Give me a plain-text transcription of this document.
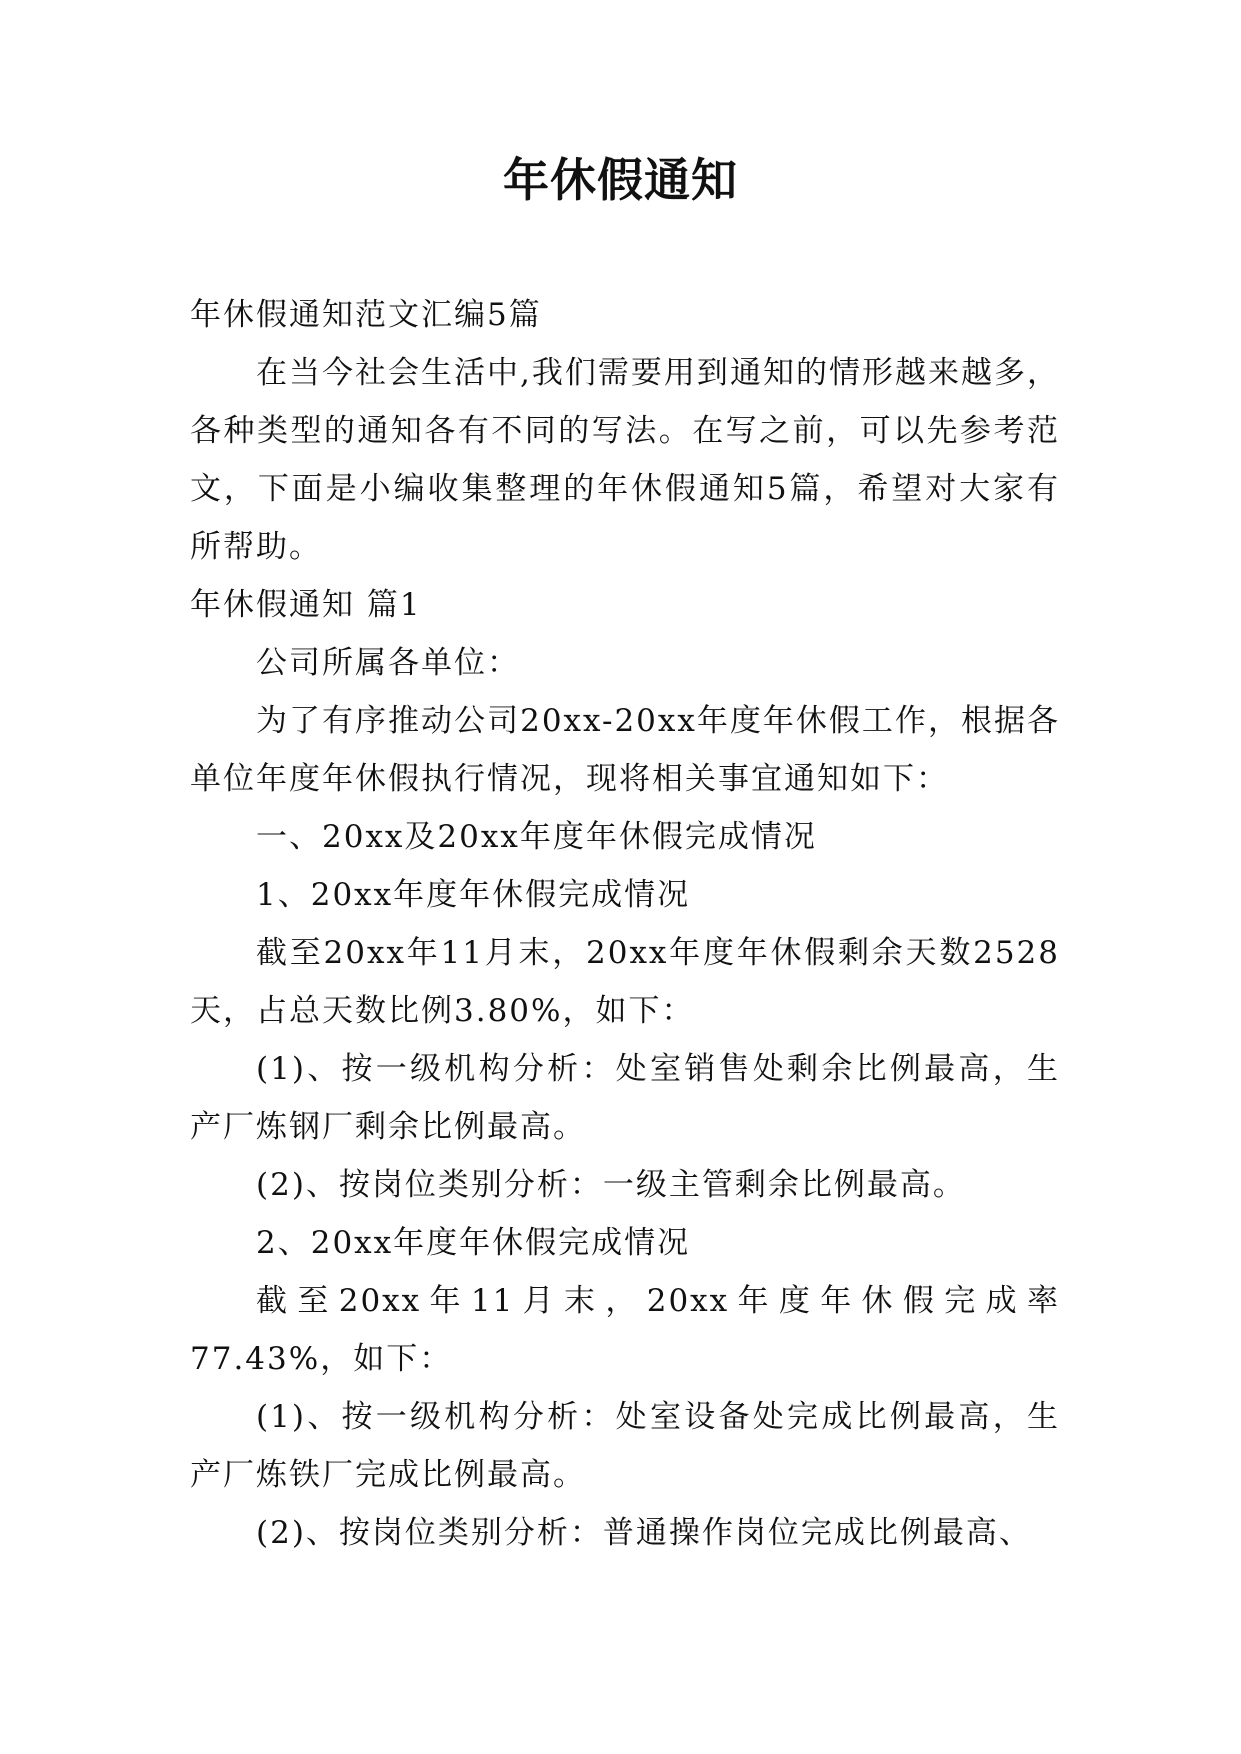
年休假通知

年休假通知范文汇编5篇

在当今社会生活中,我们需要用到通知的情形越来越多，各种类型的通知各有不同的写法。在写之前，可以先参考范文，下面是小编收集整理的年休假通知5篇，希望对大家有所帮助。

年休假通知 篇1

公司所属各单位：

为了有序推动公司20xx-20xx年度年休假工作，根据各单位年度年休假执行情况，现将相关事宜通知如下：

一、20xx及20xx年度年休假完成情况

1、20xx年度年休假完成情况

截至20xx年11月末，20xx年度年休假剩余天数2528天，占总天数比例3.80%，如下：

(1)、按一级机构分析：处室销售处剩余比例最高，生产厂炼钢厂剩余比例最高。

(2)、按岗位类别分析：一级主管剩余比例最高。

2、20xx年度年休假完成情况

截至20xx年11月末，20xx年度年休假完成率77.43%，如下：

(1)、按一级机构分析：处室设备处完成比例最高，生产厂炼铁厂完成比例最高。

(2)、按岗位类别分析：普通操作岗位完成比例最高、
